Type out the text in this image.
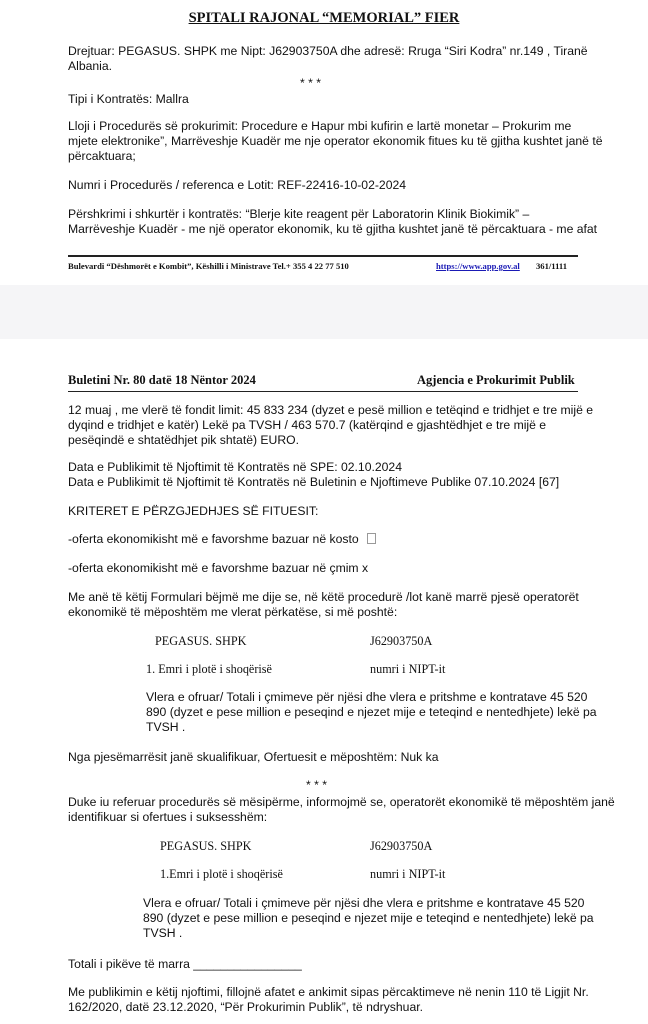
SPITALI RAJONAL “MEMORIAL” FIER
Drejtuar: PEGASUS. SHPK me Nipt: J62903750A dhe adresë: Rruga “Siri Kodra” nr.149 , Tiranë
Albania.
* * *
Tipi i Kontratës: Mallra
Lloji i Procedurës së prokurimit: Procedure e Hapur mbi kufirin e lartë monetar – Prokurim me
mjete elektronike”, Marrëveshje Kuadër me nje operator ekonomik fitues ku të gjitha kushtet janë të
përcaktuara;
Numri i Procedurës / referenca e Lotit: REF-22416-10-02-2024
Përshkrimi i shkurtër i kontratës: “Blerje kite reagent për Laboratorin Klinik Biokimik” –
Marrëveshje Kuadër - me një operator ekonomik, ku të gjitha kushtet janë të përcaktuara - me afat
Bulevardi “Dëshmorët e Kombit”, Këshilli i Ministrave Tel.+ 355 4 22 77 510	https://www.app.gov.al 361/1111
Buletini Nr. 80 datë 18 Nëntor 2024	Agjencia e Prokurimit Publik
12 muaj , me vlerë të fondit limit: 45 833 234 (dyzet e pesë million e tetëqind e tridhjet e tre mijë e
dyqind e tridhjet e katër) Lekë pa TVSH / 463 570.7 (katërqind e gjashtëdhjet e tre mijë e
pesëqindë e shtatëdhjet pik shtatë) EURO.
Data e Publikimit të Njoftimit të Kontratës në SPE: 02.10.2024
Data e Publikimit të Njoftimit të Kontratës në Buletinin e Njoftimeve Publike 07.10.2024 [67]
KRITERET E PËRZGJEDHJES SË FITUESIT:
-oferta ekonomikisht më e favorshme bazuar në kosto
-oferta ekonomikisht më e favorshme bazuar në çmim x
Me anë të këtij Formulari bëjmë me dije se, në këtë procedurë /lot kanë marrë pjesë operatorët
ekonomikë të mëposhtëm me vlerat përkatëse, si më poshtë:
PEGASUS. SHPK	J62903750A
1. Emri i plotë i shoqërisë	numri i NIPT-it
Vlera e ofruar/ Totali i çmimeve për njësi dhe vlera e pritshme e kontratave 45 520
890 (dyzet e pese million e peseqind e njezet mije e teteqind e nentedhjete) lekë pa
TVSH .
Nga pjesëmarrësit janë skualifikuar, Ofertuesit e mëposhtëm: Nuk ka
* * *
Duke iu referuar procedurës së mësipërme, informojmë se, operatorët ekonomikë të mëposhtëm janë
identifikuar si ofertues i suksesshëm:
PEGASUS. SHPK	J62903750A
1.Emri i plotë i shoqërisë	numri i NIPT-it
Vlera e ofruar/ Totali i çmimeve për njësi dhe vlera e pritshme e kontratave 45 520
890 (dyzet e pese million e peseqind e njezet mije e teteqind e nentedhjete) lekë pa
TVSH .
Totali i pikëve të marra ________________
Me publikimin e këtij njoftimi, fillojnë afatet e ankimit sipas përcaktimeve në nenin 110 të Ligjit Nr.
162/2020, datë 23.12.2020, “Për Prokurimin Publik”, të ndryshuar.
